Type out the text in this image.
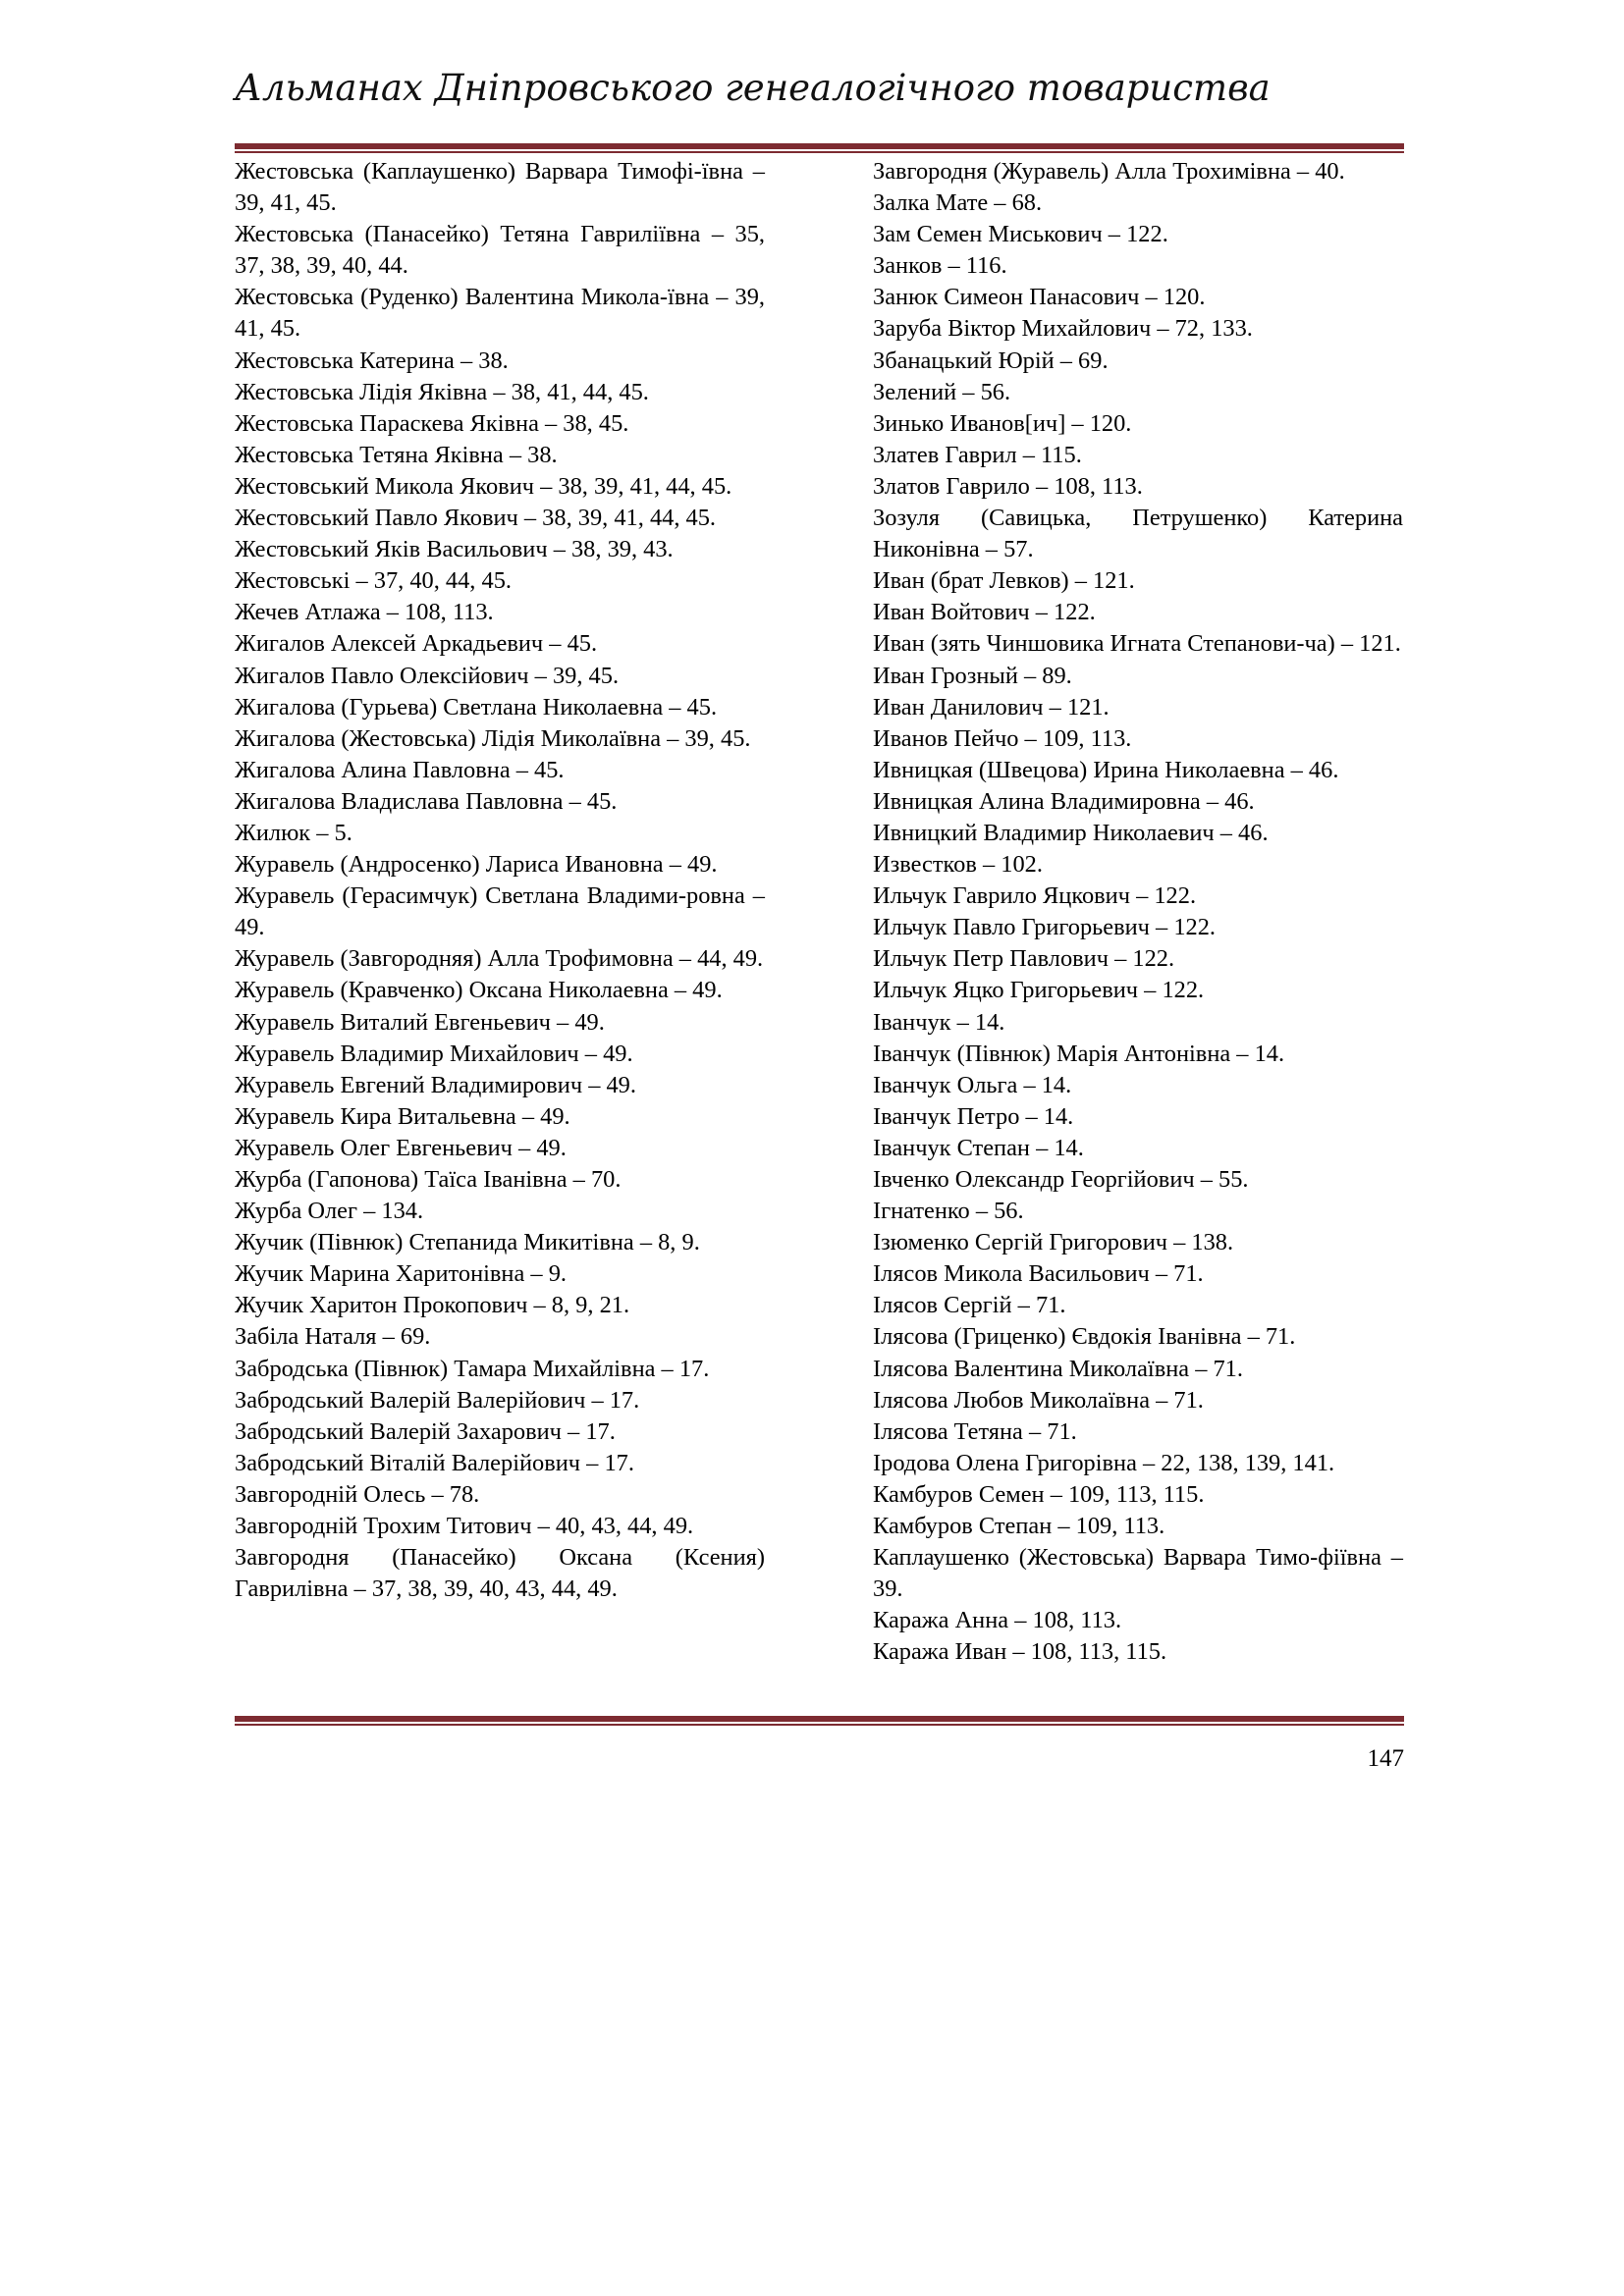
Альманах Дніпровського генеалогічного товариства

Жестовська (Каплаушенко) Варвара Тимофі-ївна – 39, 41, 45.

Жестовська (Панасейко) Тетяна Гавриліївна – 35, 37, 38, 39, 40, 44.

Жестовська (Руденко) Валентина Микола-ївна – 39, 41, 45.

Жестовська Катерина – 38.

Жестовська Лідія Яківна – 38, 41, 44, 45.

Жестовська Параскева Яківна – 38, 45.

Жестовська Тетяна Яківна – 38.

Жестовський Микола Якович – 38, 39, 41, 44, 45.

Жестовський Павло Якович – 38, 39, 41, 44, 45.

Жестовський Яків Васильович – 38, 39, 43.

Жестовські – 37, 40, 44, 45.

Жечев Атлажа – 108, 113.

Жигалов Алексей Аркадьевич – 45.

Жигалов Павло Олексійович – 39, 45.

Жигалова (Гурьева) Светлана Николаевна – 45.

Жигалова (Жестовська) Лідія Миколаївна – 39, 45.

Жигалова Алина Павловна – 45.

Жигалова Владислава Павловна – 45.

Жилюк – 5.

Журавель (Андросенко) Лариса Ивановна – 49.

Журавель (Герасимчук) Светлана Владими-ровна – 49.

Журавель (Завгородняя) Алла Трофимовна – 44, 49.

Журавель (Кравченко) Оксана Николаевна – 49.

Журавель Виталий Евгеньевич – 49.

Журавель Владимир Михайлович – 49.

Журавель Евгений Владимирович – 49.

Журавель Кира Витальевна – 49.

Журавель Олег Евгеньевич – 49.

Журба (Гапонова) Таїса Іванівна – 70.

Журба Олег – 134.

Жучик (Півнюк) Степанида Микитівна – 8, 9.

Жучик Марина Харитонівна – 9.

Жучик Харитон Прокопович – 8, 9, 21.

Забіла Наталя – 69.

Забродська (Півнюк) Тамара Михайлівна – 17.

Забродський Валерій Валерійович – 17.

Забродський Валерій Захарович – 17.

Забродський Віталій Валерійович – 17.

Завгородній Олесь – 78.

Завгородній Трохим Титович – 40, 43, 44, 49.

Завгородня (Панасейко) Оксана (Ксения) Гаврилівна – 37, 38, 39, 40, 43, 44, 49.

Завгородня (Журавель) Алла Трохимівна – 40.

Залка Мате – 68.

Зам Семен Миськович – 122.

Занков – 116.

Занюк Симеон Панасович – 120.

Заруба Віктор Михайлович – 72, 133.

Збанацький Юрій – 69.

Зелений – 56.

Зинько Иванов[ич] – 120.

Златев Гаврил – 115.

Златов Гаврило – 108, 113.

Зозуля (Савицька, Петрушенко) Катерина Никонівна – 57.

Иван (брат Левков) – 121.

Иван Войтович – 122.

Иван (зять Чиншовика Игната Степанови-ча) – 121.

Иван Грозный – 89.

Иван Данилович – 121.

Иванов Пейчо – 109, 113.

Ивницкая (Швецова) Ирина Николаевна – 46.

Ивницкая Алина Владимировна – 46.

Ивницкий Владимир Николаевич – 46.

Известков – 102.

Ильчук Гаврило Яцкович – 122.

Ильчук Павло Григорьевич – 122.

Ильчук Петр Павлович – 122.

Ильчук Яцко Григорьевич – 122.

Іванчук – 14.

Іванчук (Півнюк) Марія Антонівна – 14.

Іванчук Ольга – 14.

Іванчук Петро – 14.

Іванчук Степан – 14.

Івченко Олександр Георгійович – 55.

Ігнатенко – 56.

Ізюменко Сергій Григорович – 138.

Ілясов Микола Васильович – 71.

Ілясов Сергій – 71.

Ілясова (Гриценко) Євдокія Іванівна – 71.

Ілясова Валентина Миколаївна – 71.

Ілясова Любов Миколаївна – 71.

Ілясова Тетяна – 71.

Іродова Олена Григорівна – 22, 138, 139, 141.

Камбуров Семен – 109, 113, 115.

Камбуров Степан – 109, 113.

Каплаушенко (Жестовська) Варвара Тимо-фіївна – 39.

Каража Анна – 108, 113.

Каража Иван – 108, 113, 115.

147
